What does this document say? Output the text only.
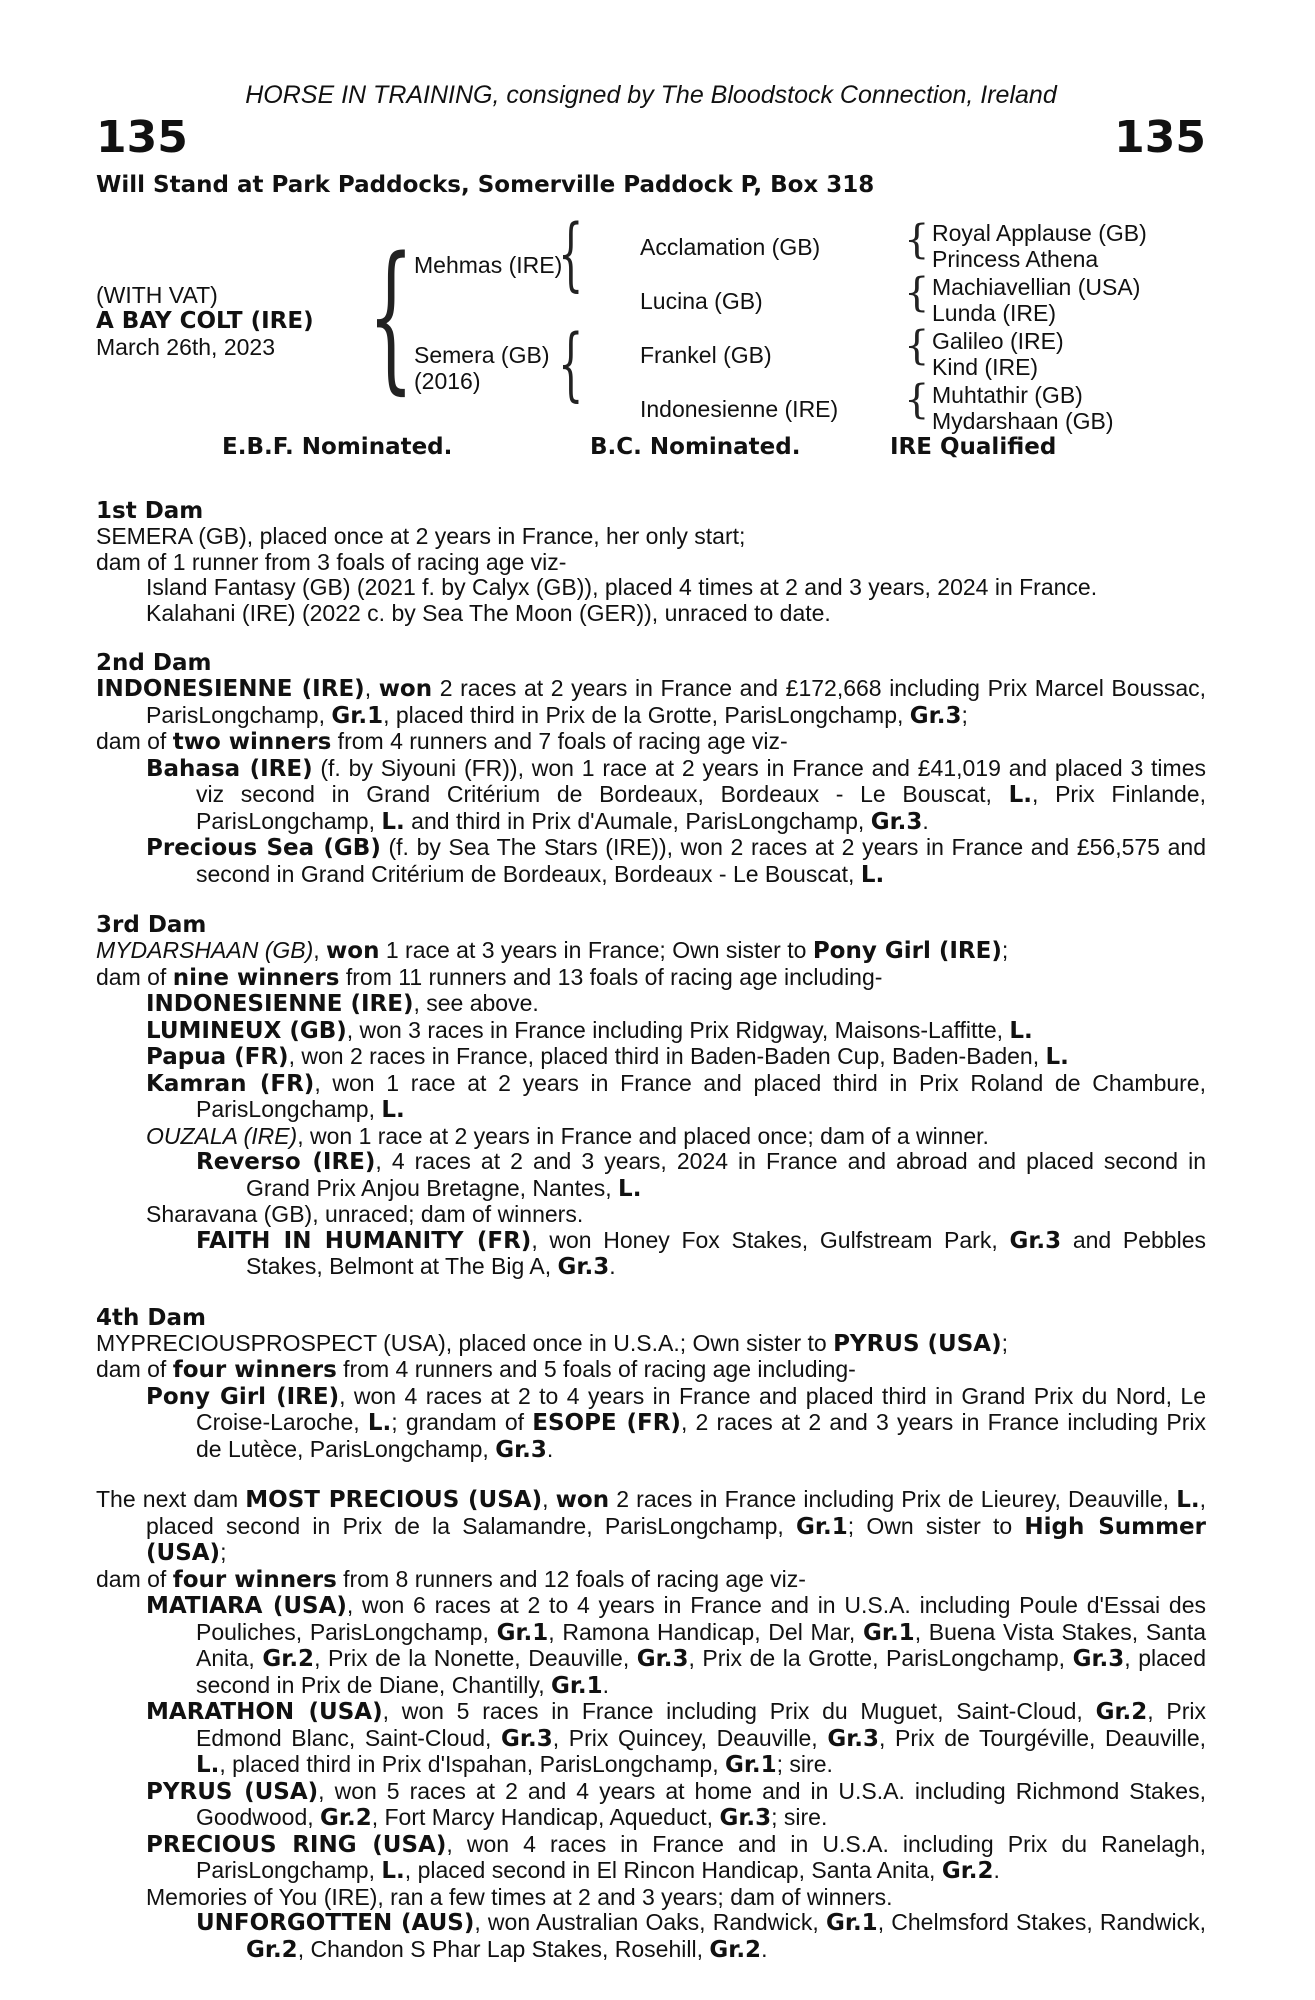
HORSE IN TRAINING, consigned by The Bloodstock Connection, Ireland
135	135
Will Stand at Park Paddocks, Somerville Paddock P, Box 318
(WITH VAT)
A BAY COLT (IRE)
March 26th, 2023 { Mehmas (IRE)
Semera (GB)
(2016)
{
{
Acclamation (GB)
Lucina (GB)
Frankel (GB)
Indonesienne (IRE)
{
{
{
{
Royal Applause (GB)
Princess Athena
Machiavellian (USA)
Lunda (IRE)
Galileo (IRE)
Kind (IRE)
Muhtathir (GB)
Mydarshaan (GB)
E.B.F. Nominated.	B.C. Nominated.	IRE Qualified
1st Dam
SEMERA (GB), placed once at 2 years in France, her only start;
dam of 1 runner from 3 foals of racing age viz-
Island Fantasy (GB) (2021 f. by Calyx (GB)), placed 4 times at 2 and 3 years, 2024 in France.
Kalahani (IRE) (2022 c. by Sea The Moon (GER)), unraced to date.
2nd Dam
INDONESIENNE (IRE), won 2 races at 2 years in France and £172,668 including Prix Marcel Boussac, ParisLongchamp, Gr.1, placed third in Prix de la Grotte, ParisLongchamp, Gr.3;
dam of two winners from 4 runners and 7 foals of racing age viz-
Bahasa (IRE) (f. by Siyouni (FR)), won 1 race at 2 years in France and £41,019 and placed 3 times viz second in Grand Critérium de Bordeaux, Bordeaux - Le Bouscat, L., Prix Finlande, ParisLongchamp, L. and third in Prix d'Aumale, ParisLongchamp, Gr.3.
Precious Sea (GB) (f. by Sea The Stars (IRE)), won 2 races at 2 years in France and £56,575 and second in Grand Critérium de Bordeaux, Bordeaux - Le Bouscat, L.
3rd Dam
MYDARSHAAN (GB), won 1 race at 3 years in France; Own sister to Pony Girl (IRE);
dam of nine winners from 11 runners and 13 foals of racing age including-
INDONESIENNE (IRE), see above.
LUMINEUX (GB), won 3 races in France including Prix Ridgway, Maisons-Laffitte, L.
Papua (FR), won 2 races in France, placed third in Baden-Baden Cup, Baden-Baden, L.
Kamran (FR), won 1 race at 2 years in France and placed third in Prix Roland de Chambure, ParisLongchamp, L.
OUZALA (IRE), won 1 race at 2 years in France and placed once; dam of a winner.
Reverso (IRE), 4 races at 2 and 3 years, 2024 in France and abroad and placed second in Grand Prix Anjou Bretagne, Nantes, L.
Sharavana (GB), unraced; dam of winners.
FAITH IN HUMANITY (FR), won Honey Fox Stakes, Gulfstream Park, Gr.3 and Pebbles Stakes, Belmont at The Big A, Gr.3.
4th Dam
MYPRECIOUSPROSPECT (USA), placed once in U.S.A.; Own sister to PYRUS (USA);
dam of four winners from 4 runners and 5 foals of racing age including-
Pony Girl (IRE), won 4 races at 2 to 4 years in France and placed third in Grand Prix du Nord, Le Croise-Laroche, L.; grandam of ESOPE (FR), 2 races at 2 and 3 years in France including Prix de Lutèce, ParisLongchamp, Gr.3.
The next dam MOST PRECIOUS (USA), won 2 races in France including Prix de Lieurey, Deauville, L., placed second in Prix de la Salamandre, ParisLongchamp, Gr.1; Own sister to High Summer (USA);
dam of four winners from 8 runners and 12 foals of racing age viz-
MATIARA (USA), won 6 races at 2 to 4 years in France and in U.S.A. including Poule d'Essai des Pouliches, ParisLongchamp, Gr.1, Ramona Handicap, Del Mar, Gr.1, Buena Vista Stakes, Santa Anita, Gr.2, Prix de la Nonette, Deauville, Gr.3, Prix de la Grotte, ParisLongchamp, Gr.3, placed second in Prix de Diane, Chantilly, Gr.1.
MARATHON (USA), won 5 races in France including Prix du Muguet, Saint-Cloud, Gr.2, Prix Edmond Blanc, Saint-Cloud, Gr.3, Prix Quincey, Deauville, Gr.3, Prix de Tourgéville, Deauville, L., placed third in Prix d'Ispahan, ParisLongchamp, Gr.1; sire.
PYRUS (USA), won 5 races at 2 and 4 years at home and in U.S.A. including Richmond Stakes, Goodwood, Gr.2, Fort Marcy Handicap, Aqueduct, Gr.3; sire.
PRECIOUS RING (USA), won 4 races in France and in U.S.A. including Prix du Ranelagh, ParisLongchamp, L., placed second in El Rincon Handicap, Santa Anita, Gr.2.
Memories of You (IRE), ran a few times at 2 and 3 years; dam of winners.
UNFORGOTTEN (AUS), won Australian Oaks, Randwick, Gr.1, Chelmsford Stakes, Randwick, Gr.2, Chandon S Phar Lap Stakes, Rosehill, Gr.2.
